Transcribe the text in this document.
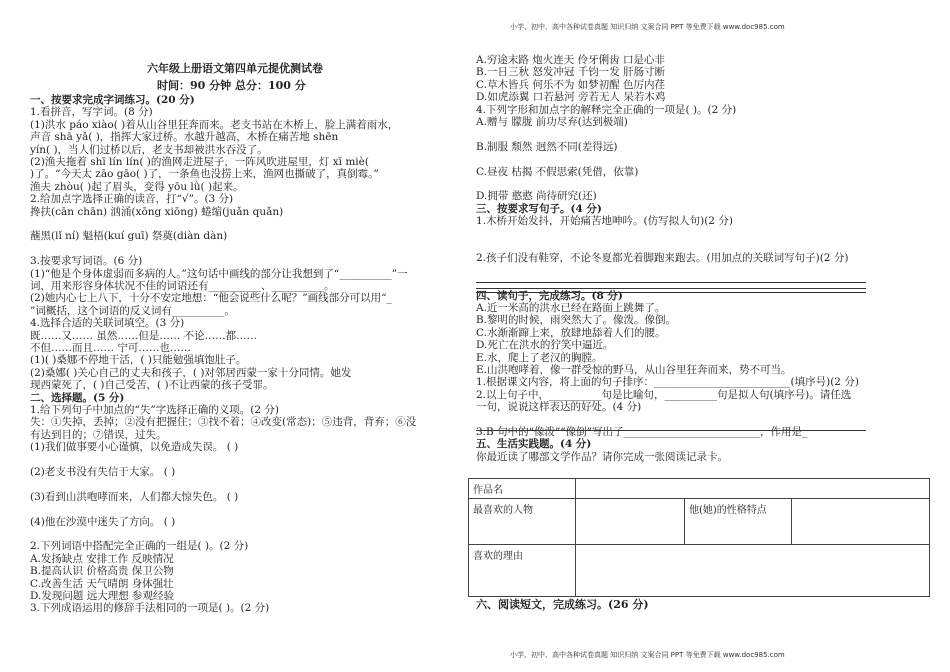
小学、初中、高中各种试卷真题 知识归纳 文案合同 PPT 等免费下载 www.doc985.com
六年级上册语文第四单元提优测试卷
时间：90 分钟 总分：100 分
一、按要求完成字词练习。(20 分)
1.看拼音，写字词。(8 分)
(1)洪水 páo xiào( )着从山谷里狂奔而来。老支书站在木桥上，脸上满着雨水，
声音 shā yǎ( )，指挥大家过桥。水越升越高，木桥在痛苦地 shēn
yín( )，当人们过桥以后，老支书却被洪水吞没了。
(2)渔夫拖着 shī lín lín( )的渔网走进屋子，一阵风吹进屋里，灯 xī miè(
)了。“今天太 zāo gāo( )了，一条鱼也没捞上来，渔网也撕破了，真倒霉。”
渔夫 zhòu( )起了眉头，变得 yōu lǜ( )起来。
2.给加点字选择正确的读音，打“√”。(3 分)
搀扶(cān chān) 汹涌(xōng xiōng) 蜷缩(juǎn quǎn)
蘸黑(lǐ ní) 魁梧(kuí guī) 祭奠(diàn dàn)
3.按要求写词语。(6 分)
(1)“他是个身体虚弱而多病的人。”这句话中画线的部分让我想到了“__________”一
词，用来形容身体状况不佳的词语还有__________、__________。
(2)她内心七上八下，十分不安定地想：“他会说些什么呢？”画线部分可以用“_
”词概括，这个词语的反义词有__________。
4.选择合适的关联词填空。(3 分)
既……又…… 虽然……但是…… 不论……都……
不但……而且…… 宁可……也……
(1)( )桑娜不停地干活，( )只能勉强填饱肚子。
(2)桑娜( )关心自己的丈夫和孩子，( )对邻居西蒙一家十分同情。她发
现西蒙死了，( )自己受苦，( )不让西蒙的孩子受罪。
二、选择题。(5 分)
1.给下列句子中加点的“失”字选择正确的义项。(2 分)
失：①失掉，丢掉；②没有把握住；③找不着；④改变(常态)；⑤违背，背弃；⑥没
有达到目的；⑦错误，过失。
(1)我们做事要小心谨慎，以免造成失误。 ( )
(2)老支书没有失信于大家。 ( )
(3)看到山洪咆哮而来，人们都大惊失色。 ( )
(4)他在沙漠中迷失了方向。 ( )
2.下列词语中搭配完全正确的一组是( )。(2 分)
A.发扬缺点 安排工作 反映情况
B.提高认识 价格高贵 保卫公物
C.改善生活 天气晴朗 身体强壮
D.发现问题 远大理想 参观经验
3.下列成语运用的修辞手法相同的一项是( )。(2 分)
A.穷途末路 炮火连天 伶牙俐齿 口是心非
B.一日三秋 怒发冲冠 千钧一发 肝肠寸断
C.草木皆兵 何乐不为 如梦初醒 色厉内荏
D.如虎添翼 口若悬河 旁若无人 呆若木鸡
4.下列字形和加点字的解释完全正确的一项是( )。(2 分)
A.赠与 朦胧 前功尽弃(达到极端)
B.制服 颓然 迥然不同(差得远)
C.昼夜 枯揭 不假思索(凭借，依靠)
D.拥带 憨憨 尚待研究(还)
三、按要求写句子。(4 分)
1.木桥开始发抖，开始痛苦地呻吟。(仿写拟人句)(2 分)
2.孩子们没有鞋穿，不论冬夏都光着脚跑来跑去。(用加点的关联词写句子)(2 分)
四、读句子，完成练习。(8 分)
A.近一米高的洪水已经在路面上跳舞了。
B.黎明的时候，雨突然大了。像泼。像倒。
C.水渐渐蹿上来，放肆地舔着人们的腰。
D.死亡在洪水的狞笑中逼近。
E.水，爬上了老汉的胸膛。
E.山洪咆哮着，像一群受惊的野马，从山谷里狂奔而来，势不可当。
1.根据课文内容，将上面的句子排序：__________________________(填序号)(2 分)
2.以上句子中，__________句是比喻句，__________句是拟人句(填序号)。请任选
一句，说说这样表达的好处。(4 分)
3.B 句中的“像泼”“像倒”写出了__________________________，作用是_
五、生活实践题。(4 分)
你最近读了哪部文学作品？请你完成一张阅读记录卡。
作品名			
最喜欢的人物		他(她)的性格特点	
喜欢的理由			
六、阅读短文，完成练习。(26 分)
小学、初中、高中各种试卷真题 知识归纳 文案合同 PPT 等免费下载 www.doc985.com
